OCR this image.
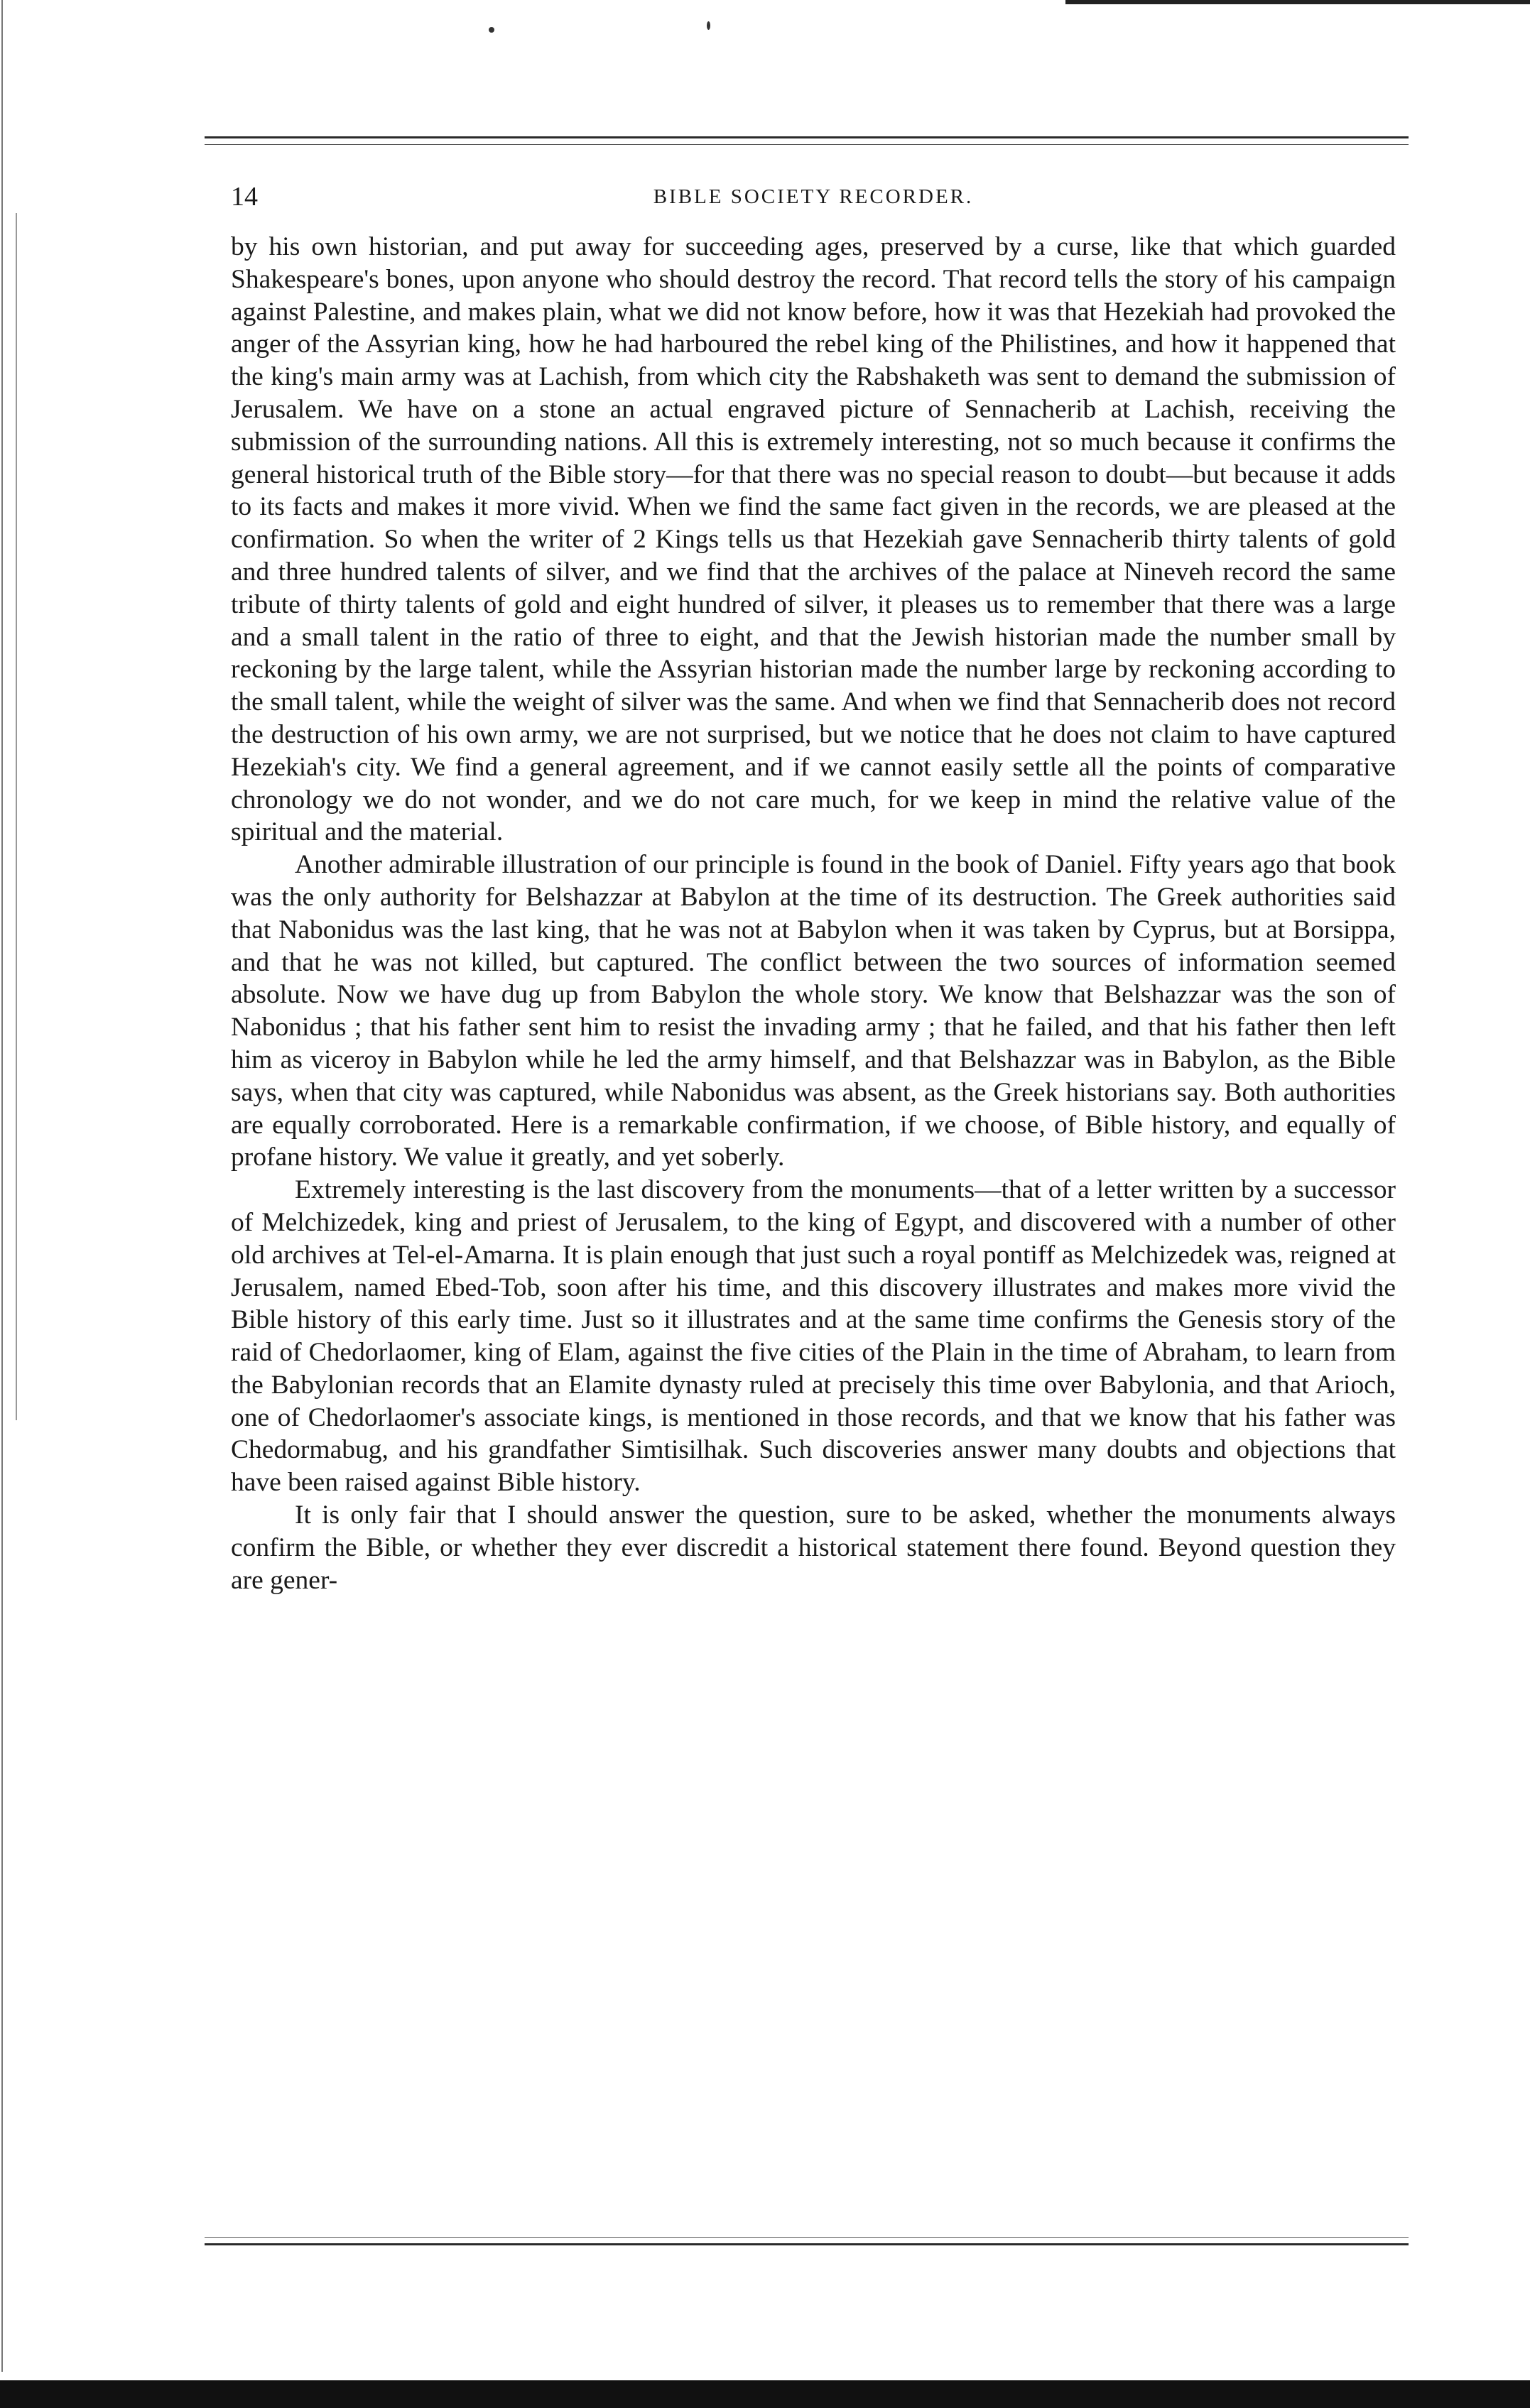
14	BIBLE SOCIETY RECORDER.

by his own historian, and put away for succeeding ages, preserved by a curse, like that which guarded Shakespeare's bones, upon anyone who should destroy the record. That record tells the story of his campaign against Palestine, and makes plain, what we did not know before, how it was that Hezekiah had provoked the anger of the Assyrian king, how he had harboured the rebel king of the Philistines, and how it happened that the king's main army was at Lachish, from which city the Rabshaketh was sent to demand the submission of Jerusalem. We have on a stone an actual engraved picture of Sennacherib at Lachish, receiving the submission of the surrounding nations. All this is extremely interesting, not so much because it confirms the general historical truth of the Bible story—for that there was no special reason to doubt—but because it adds to its facts and makes it more vivid. When we find the same fact given in the records, we are pleased at the confirmation. So when the writer of 2 Kings tells us that Hezekiah gave Sennacherib thirty talents of gold and three hundred talents of silver, and we find that the archives of the palace at Nineveh record the same tribute of thirty talents of gold and eight hundred of silver, it pleases us to remember that there was a large and a small talent in the ratio of three to eight, and that the Jewish historian made the number small by reckoning by the large talent, while the Assyrian historian made the number large by reckoning according to the small talent, while the weight of silver was the same. And when we find that Sennacherib does not record the destruction of his own army, we are not surprised, but we notice that he does not claim to have captured Hezekiah's city. We find a general agreement, and if we cannot easily settle all the points of comparative chronology we do not wonder, and we do not care much, for we keep in mind the relative value of the spiritual and the material.

Another admirable illustration of our principle is found in the book of Daniel. Fifty years ago that book was the only authority for Belshazzar at Babylon at the time of its destruction. The Greek authorities said that Nabonidus was the last king, that he was not at Babylon when it was taken by Cyprus, but at Borsippa, and that he was not killed, but captured. The conflict between the two sources of information seemed absolute. Now we have dug up from Babylon the whole story. We know that Belshazzar was the son of Nabonidus ; that his father sent him to resist the invading army ; that he failed, and that his father then left him as viceroy in Babylon while he led the army himself, and that Belshazzar was in Babylon, as the Bible says, when that city was captured, while Nabonidus was absent, as the Greek historians say. Both authorities are equally corroborated. Here is a remarkable confirmation, if we choose, of Bible history, and equally of profane history. We value it greatly, and yet soberly.

Extremely interesting is the last discovery from the monuments—that of a letter written by a successor of Melchizedek, king and priest of Jerusalem, to the king of Egypt, and discovered with a number of other old archives at Tel-el-Amarna. It is plain enough that just such a royal pontiff as Melchizedek was, reigned at Jerusalem, named Ebed-Tob, soon after his time, and this discovery illustrates and makes more vivid the Bible history of this early time. Just so it illustrates and at the same time confirms the Genesis story of the raid of Chedorlaomer, king of Elam, against the five cities of the Plain in the time of Abraham, to learn from the Babylonian records that an Elamite dynasty ruled at precisely this time over Babylonia, and that Arioch, one of Chedorlaomer's associate kings, is mentioned in those records, and that we know that his father was Chedormabug, and his grandfather Simtisilhak. Such discoveries answer many doubts and objections that have been raised against Bible history.

It is only fair that I should answer the question, sure to be asked, whether the monuments always confirm the Bible, or whether they ever discredit a historical statement there found. Beyond question they are gener-
